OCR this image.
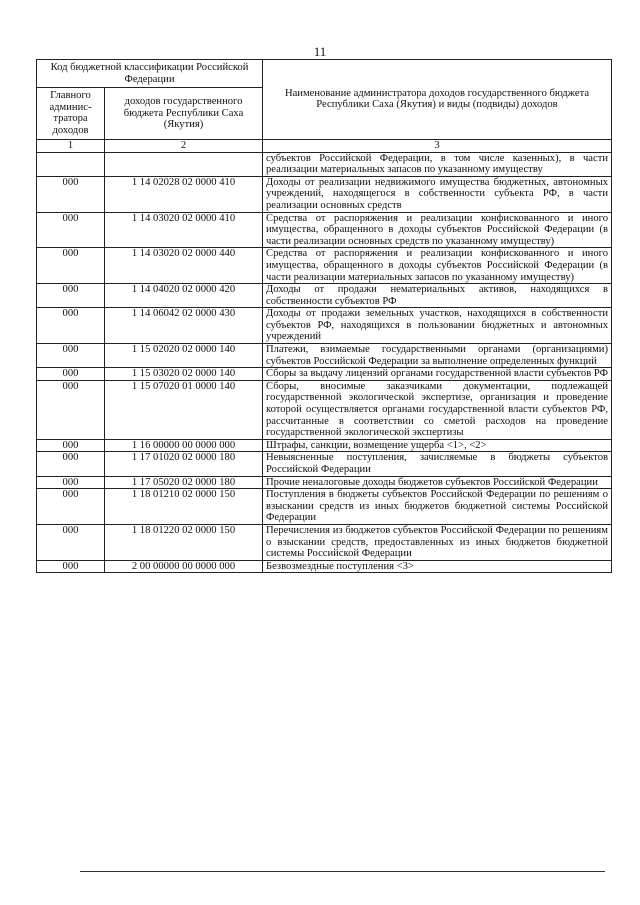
11
Код бюджетной классификации Российской Федерации		Наименование администратора доходов государственного бюджета Республики Саха (Якутия) и виды (подвиды) доходов
Главного админис-тратора доходов	доходов государственного бюджета Республики Саха (Якутия)	
1	2	3
		субъектов Российской Федерации, в том числе казенных), в части реализации материальных запасов по указанному имуществу
000	1 14 02028 02 0000 410	Доходы от реализации недвижимого имущества бюджетных, автономных учреждений, находящегося в собственности субъекта РФ, в части реализации основных средств
000	1 14 03020 02 0000 410	Средства от распоряжения и реализации конфискованного и иного имущества, обращенного в доходы субъектов Российской Федерации (в части реализации основных средств по указанному имуществу)
000	1 14 03020 02 0000 440	Средства от распоряжения и реализации конфискованного и иного имущества, обращенного в доходы субъектов Российской Федерации (в части реализации материальных запасов по указанному имуществу)
000	1 14 04020 02 0000 420	Доходы от продажи нематериальных активов, находящихся в собственности субъектов РФ
000	1 14 06042 02 0000 430	Доходы от продажи земельных участков, находящихся в собственности субъектов РФ, находящихся в пользовании бюджетных и автономных учреждений
000	1 15 02020 02 0000 140	Платежи, взимаемые государственными органами (организациями) субъектов Российской Федерации за выполнение определенных функций
000	1 15 03020 02 0000 140	Сборы за выдачу лицензий органами государственной власти субъектов РФ
000	1 15 07020 01 0000 140	Сборы, вносимые заказчиками документации, подлежащей государственной экологической экспертизе, организация и проведение которой осуществляется органами государственной власти субъектов РФ, рассчитанные в соответствии со сметой расходов на проведение государственной экологической экспертизы
000	1 16 00000 00 0000 000	Штрафы, санкции, возмещение ущерба <1>, <2>
000	1 17 01020 02 0000 180	Невыясненные поступления, зачисляемые в бюджеты субъектов Российской Федерации
000	1 17 05020 02 0000 180	Прочие неналоговые доходы бюджетов субъектов Российской Федерации
000	1 18 01210 02 0000 150	Поступления в бюджеты субъектов Российской Федерации по решениям о взыскании средств из иных бюджетов бюджетной системы Российской Федерации
000	1 18 01220 02 0000 150	Перечисления из бюджетов субъектов Российской Федерации по решениям о взыскании средств, предоставленных из иных бюджетов бюджетной системы Российской Федерации
000	2 00 00000 00 0000 000	Безвозмездные поступления <3>
